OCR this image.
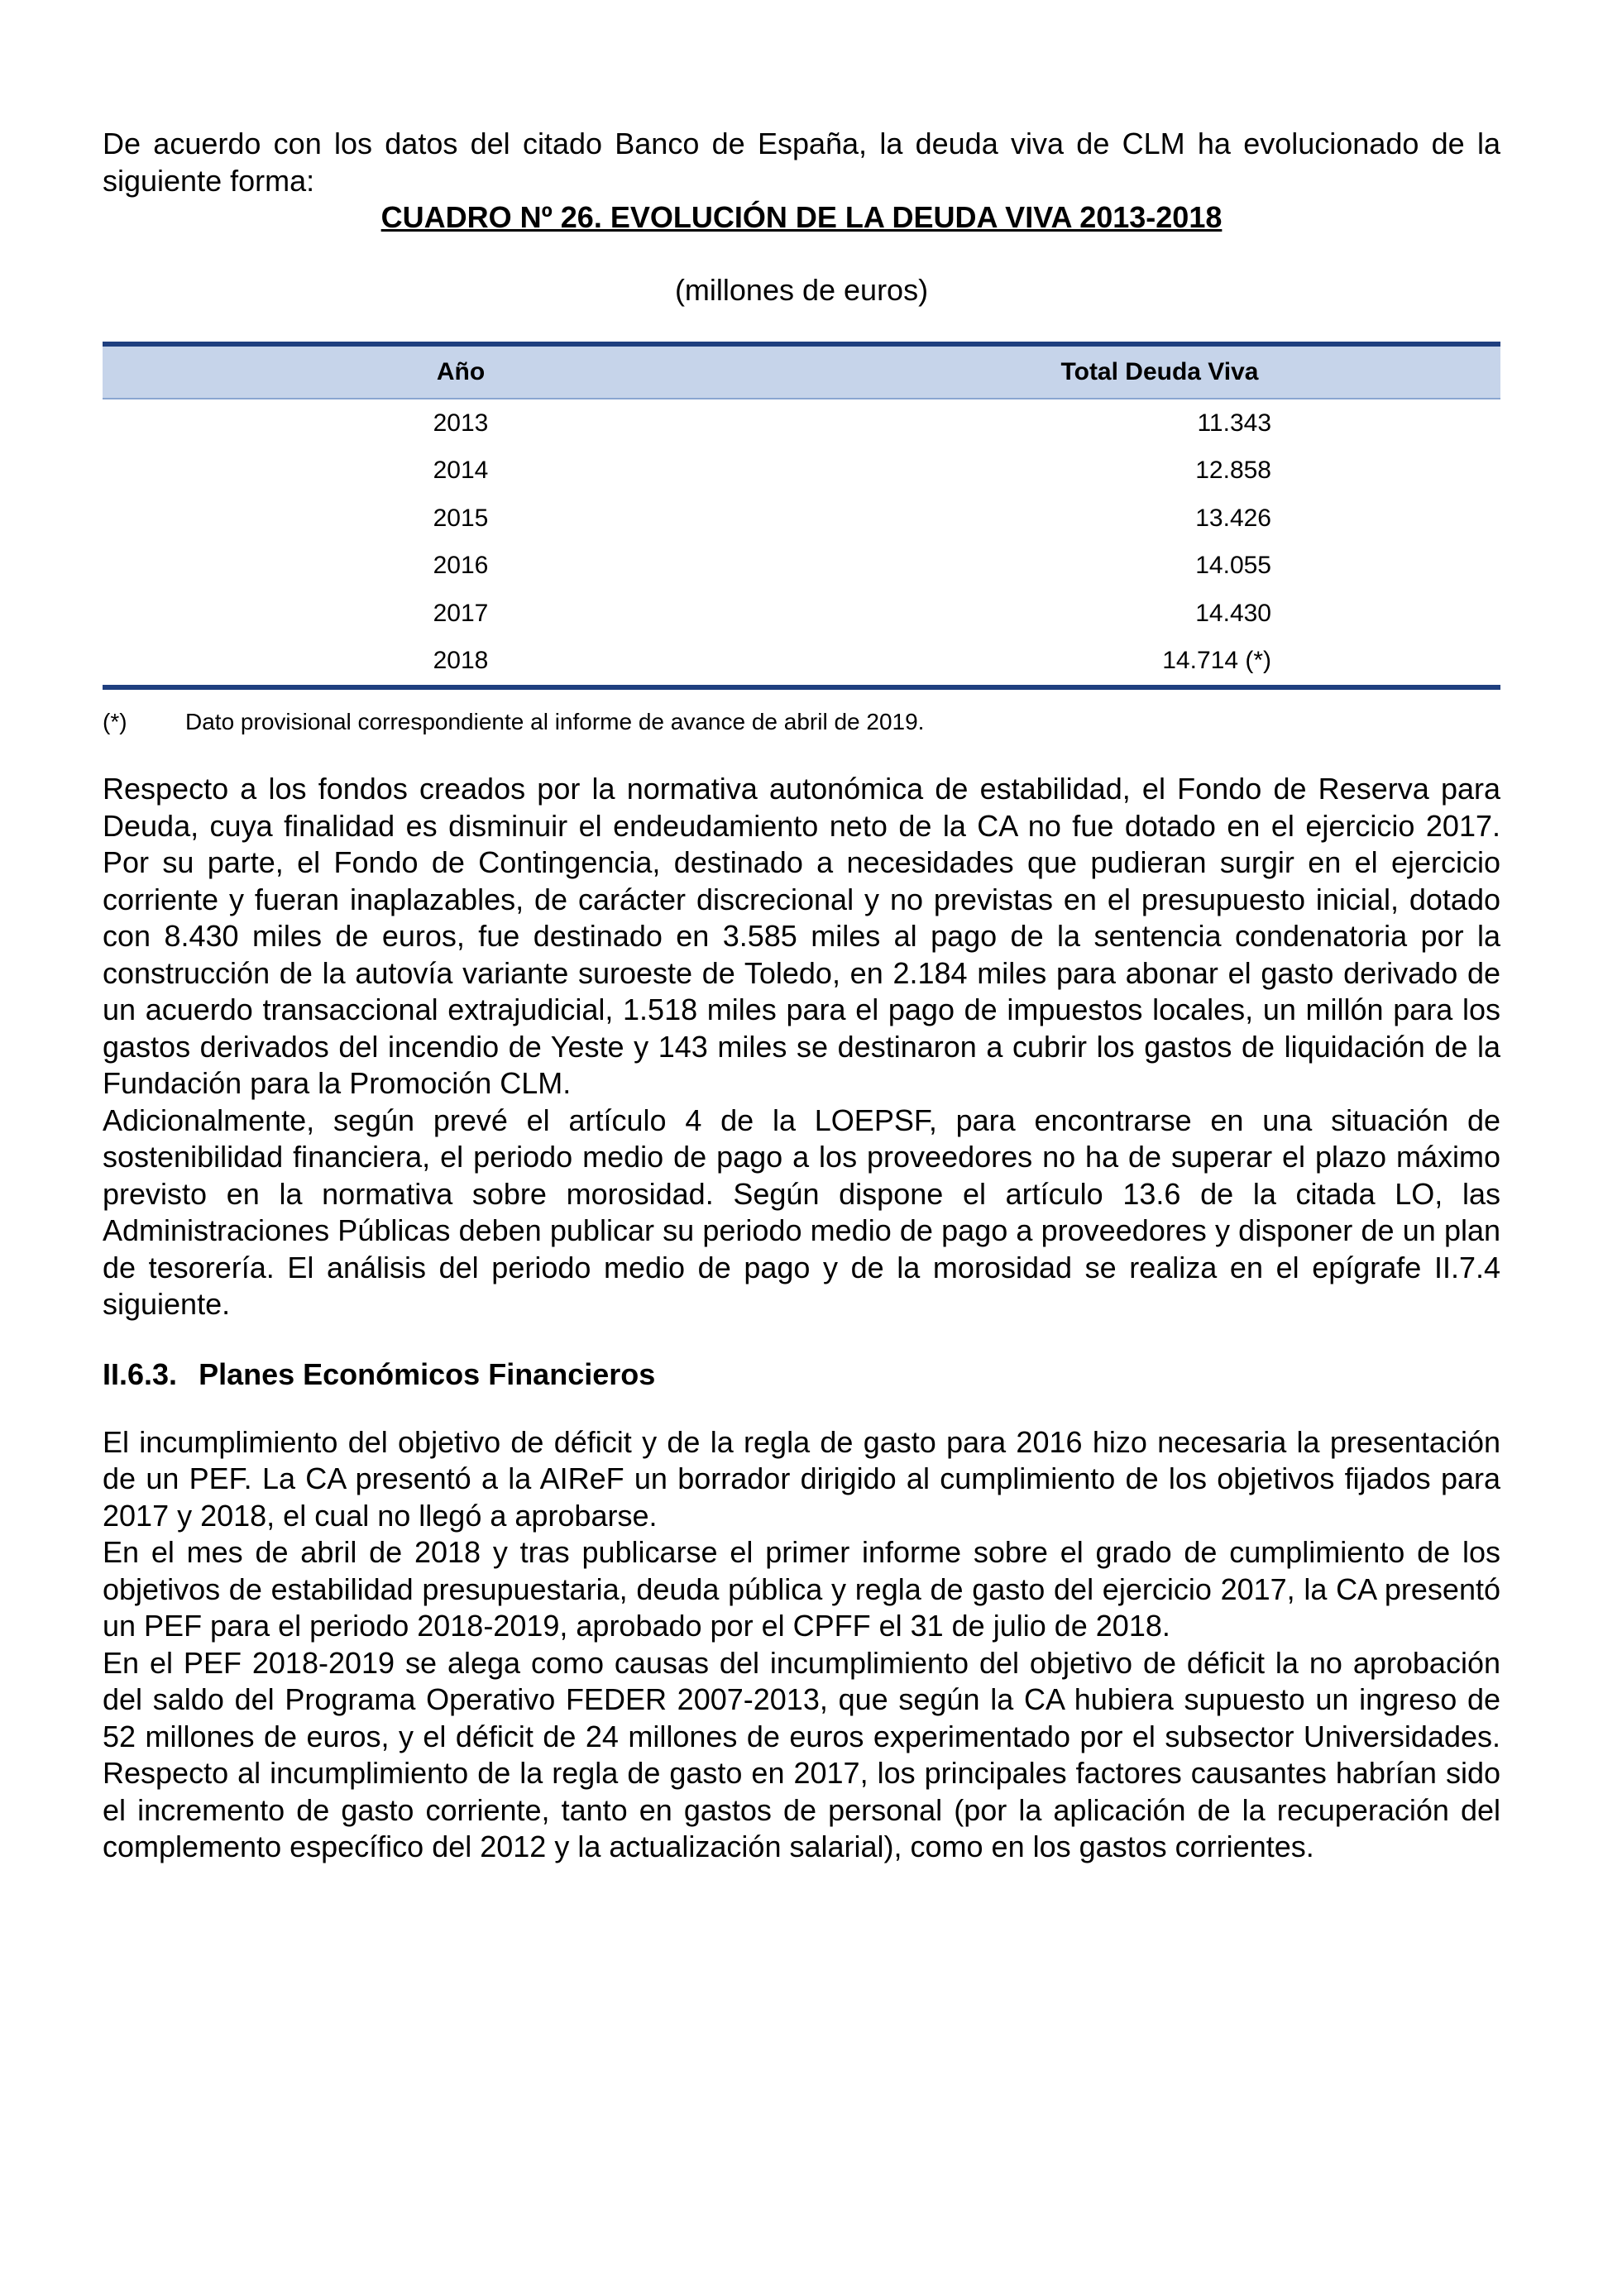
De acuerdo con los datos del citado Banco de España, la deuda viva de CLM ha evolucionado de la siguiente forma:

CUADRO Nº 26. EVOLUCIÓN DE LA DEUDA VIVA 2013-2018

(millones de euros)

Año	Total Deuda Viva
2013	11.343
2014	12.858
2015	13.426
2016	14.055
2017	14.430
2018	14.714 (*)
(*)	Dato provisional correspondiente al informe de avance de abril de 2019.

Respecto a los fondos creados por la normativa autonómica de estabilidad, el Fondo de Reserva para Deuda, cuya finalidad es disminuir el endeudamiento neto de la CA no fue dotado en el ejercicio 2017. Por su parte, el Fondo de Contingencia, destinado a necesidades que pudieran surgir en el ejercicio corriente y fueran inaplazables, de carácter discrecional y no previstas en el presupuesto inicial, dotado con 8.430 miles de euros, fue destinado en 3.585 miles al pago de la sentencia condenatoria por la construcción de la autovía variante suroeste de Toledo, en 2.184 miles para abonar el gasto derivado de un acuerdo transaccional extrajudicial, 1.518 miles para el pago de impuestos locales, un millón para los gastos derivados del incendio de Yeste y 143 miles se destinaron a cubrir los gastos de liquidación de la Fundación para la Promoción CLM.

Adicionalmente, según prevé el artículo 4 de la LOEPSF, para encontrarse en una situación de sostenibilidad financiera, el periodo medio de pago a los proveedores no ha de superar el plazo máximo previsto en la normativa sobre morosidad. Según dispone el artículo 13.6 de la citada LO, las Administraciones Públicas deben publicar su periodo medio de pago a proveedores y disponer de un plan de tesorería. El análisis del periodo medio de pago y de la morosidad se realiza en el epígrafe II.7.4 siguiente.

II.6.3. Planes Económicos Financieros

El incumplimiento del objetivo de déficit y de la regla de gasto para 2016 hizo necesaria la presentación de un PEF. La CA presentó a la AIReF un borrador dirigido al cumplimiento de los objetivos fijados para 2017 y 2018, el cual no llegó a aprobarse.

En el mes de abril de 2018 y tras publicarse el primer informe sobre el grado de cumplimiento de los objetivos de estabilidad presupuestaria, deuda pública y regla de gasto del ejercicio 2017, la CA presentó un PEF para el periodo 2018-2019, aprobado por el CPFF el 31 de julio de 2018.

En el PEF 2018-2019 se alega como causas del incumplimiento del objetivo de déficit la no aprobación del saldo del Programa Operativo FEDER 2007-2013, que según la CA hubiera supuesto un ingreso de 52 millones de euros, y el déficit de 24 millones de euros experimentado por el subsector Universidades. Respecto al incumplimiento de la regla de gasto en 2017, los principales factores causantes habrían sido el incremento de gasto corriente, tanto en gastos de personal (por la aplicación de la recuperación del complemento específico del 2012 y la actualización salarial), como en los gastos corrientes.
